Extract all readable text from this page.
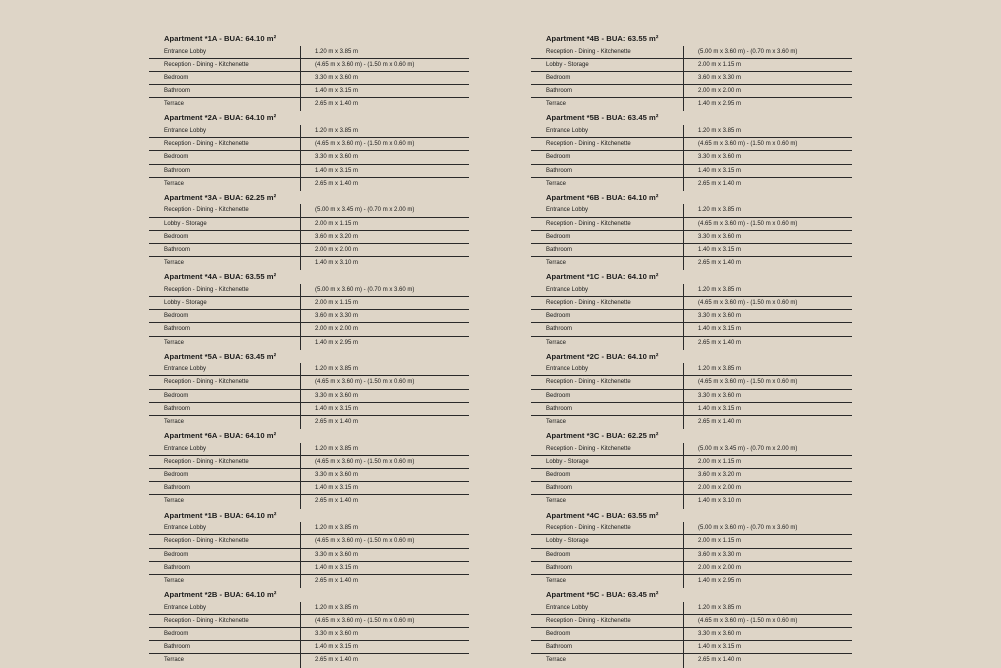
Apartment *1A - BUA: 64.10 m²
Entrance Lobby	1.20 m x 3.85 m
Reception - Dining - Kitchenette	(4.65 m x 3.60 m) - (1.50 m x 0.60 m)
Bedroom	3.30 m x 3.60 m
Bathroom	1.40 m x 3.15 m
Terrace	2.65 m x 1.40 m
Apartment *2A - BUA: 64.10 m²
Entrance Lobby	1.20 m x 3.85 m
Reception - Dining - Kitchenette	(4.65 m x 3.60 m) - (1.50 m x 0.60 m)
Bedroom	3.30 m x 3.60 m
Bathroom	1.40 m x 3.15 m
Terrace	2.65 m x 1.40 m
Apartment *3A - BUA: 62.25 m²
Reception - Dining - Kitchenette	(5.00 m x 3.45 m) - (0.70 m x 2.00 m)
Lobby - Storage	2.00 m x 1.15 m
Bedroom	3.60 m x 3.20 m
Bathroom	2.00 m x 2.00 m
Terrace	1.40 m x 3.10 m
Apartment *4A - BUA: 63.55 m²
Reception - Dining - Kitchenette	(5.00 m x 3.60 m) - (0.70 m x 3.60 m)
Lobby - Storage	2.00 m x 1.15 m
Bedroom	3.60 m x 3.30 m
Bathroom	2.00 m x 2.00 m
Terrace	1.40 m x 2.95 m
Apartment *5A - BUA: 63.45 m²
Entrance Lobby	1.20 m x 3.85 m
Reception - Dining - Kitchenette	(4.65 m x 3.60 m) - (1.50 m x 0.60 m)
Bedroom	3.30 m x 3.60 m
Bathroom	1.40 m x 3.15 m
Terrace	2.65 m x 1.40 m
Apartment *6A - BUA: 64.10 m²
Entrance Lobby	1.20 m x 3.85 m
Reception - Dining - Kitchenette	(4.65 m x 3.60 m) - (1.50 m x 0.60 m)
Bedroom	3.30 m x 3.60 m
Bathroom	1.40 m x 3.15 m
Terrace	2.65 m x 1.40 m
Apartment *1B - BUA: 64.10 m²
Entrance Lobby	1.20 m x 3.85 m
Reception - Dining - Kitchenette	(4.65 m x 3.60 m) - (1.50 m x 0.60 m)
Bedroom	3.30 m x 3.60 m
Bathroom	1.40 m x 3.15 m
Terrace	2.65 m x 1.40 m
Apartment *2B - BUA: 64.10 m²
Entrance Lobby	1.20 m x 3.85 m
Reception - Dining - Kitchenette	(4.65 m x 3.60 m) - (1.50 m x 0.60 m)
Bedroom	3.30 m x 3.60 m
Bathroom	1.40 m x 3.15 m
Terrace	2.65 m x 1.40 m
Apartment *4B - BUA: 63.55 m²
Reception - Dining - Kitchenette	(5.00 m x 3.60 m) - (0.70 m x 3.60 m)
Lobby - Storage	2.00 m x 1.15 m
Bedroom	3.60 m x 3.30 m
Bathroom	2.00 m x 2.00 m
Terrace	1.40 m x 2.95 m
Apartment *5B - BUA: 63.45 m²
Entrance Lobby	1.20 m x 3.85 m
Reception - Dining - Kitchenette	(4.65 m x 3.60 m) - (1.50 m x 0.60 m)
Bedroom	3.30 m x 3.60 m
Bathroom	1.40 m x 3.15 m
Terrace	2.65 m x 1.40 m
Apartment *6B - BUA: 64.10 m²
Entrance Lobby	1.20 m x 3.85 m
Reception - Dining - Kitchenette	(4.65 m x 3.60 m) - (1.50 m x 0.60 m)
Bedroom	3.30 m x 3.60 m
Bathroom	1.40 m x 3.15 m
Terrace	2.65 m x 1.40 m
Apartment *1C - BUA: 64.10 m²
Entrance Lobby	1.20 m x 3.85 m
Reception - Dining - Kitchenette	(4.65 m x 3.60 m) - (1.50 m x 0.60 m)
Bedroom	3.30 m x 3.60 m
Bathroom	1.40 m x 3.15 m
Terrace	2.65 m x 1.40 m
Apartment *2C - BUA: 64.10 m²
Entrance Lobby	1.20 m x 3.85 m
Reception - Dining - Kitchenette	(4.65 m x 3.60 m) - (1.50 m x 0.60 m)
Bedroom	3.30 m x 3.60 m
Bathroom	1.40 m x 3.15 m
Terrace	2.65 m x 1.40 m
Apartment *3C - BUA: 62.25 m²
Reception - Dining - Kitchenette	(5.00 m x 3.45 m) - (0.70 m x 2.00 m)
Lobby - Storage	2.00 m x 1.15 m
Bedroom	3.60 m x 3.20 m
Bathroom	2.00 m x 2.00 m
Terrace	1.40 m x 3.10 m
Apartment *4C - BUA: 63.55 m²
Reception - Dining - Kitchenette	(5.00 m x 3.60 m) - (0.70 m x 3.60 m)
Lobby - Storage	2.00 m x 1.15 m
Bedroom	3.60 m x 3.30 m
Bathroom	2.00 m x 2.00 m
Terrace	1.40 m x 2.95 m
Apartment *5C - BUA: 63.45 m²
Entrance Lobby	1.20 m x 3.85 m
Reception - Dining - Kitchenette	(4.65 m x 3.60 m) - (1.50 m x 0.60 m)
Bedroom	3.30 m x 3.60 m
Bathroom	1.40 m x 3.15 m
Terrace	2.65 m x 1.40 m
